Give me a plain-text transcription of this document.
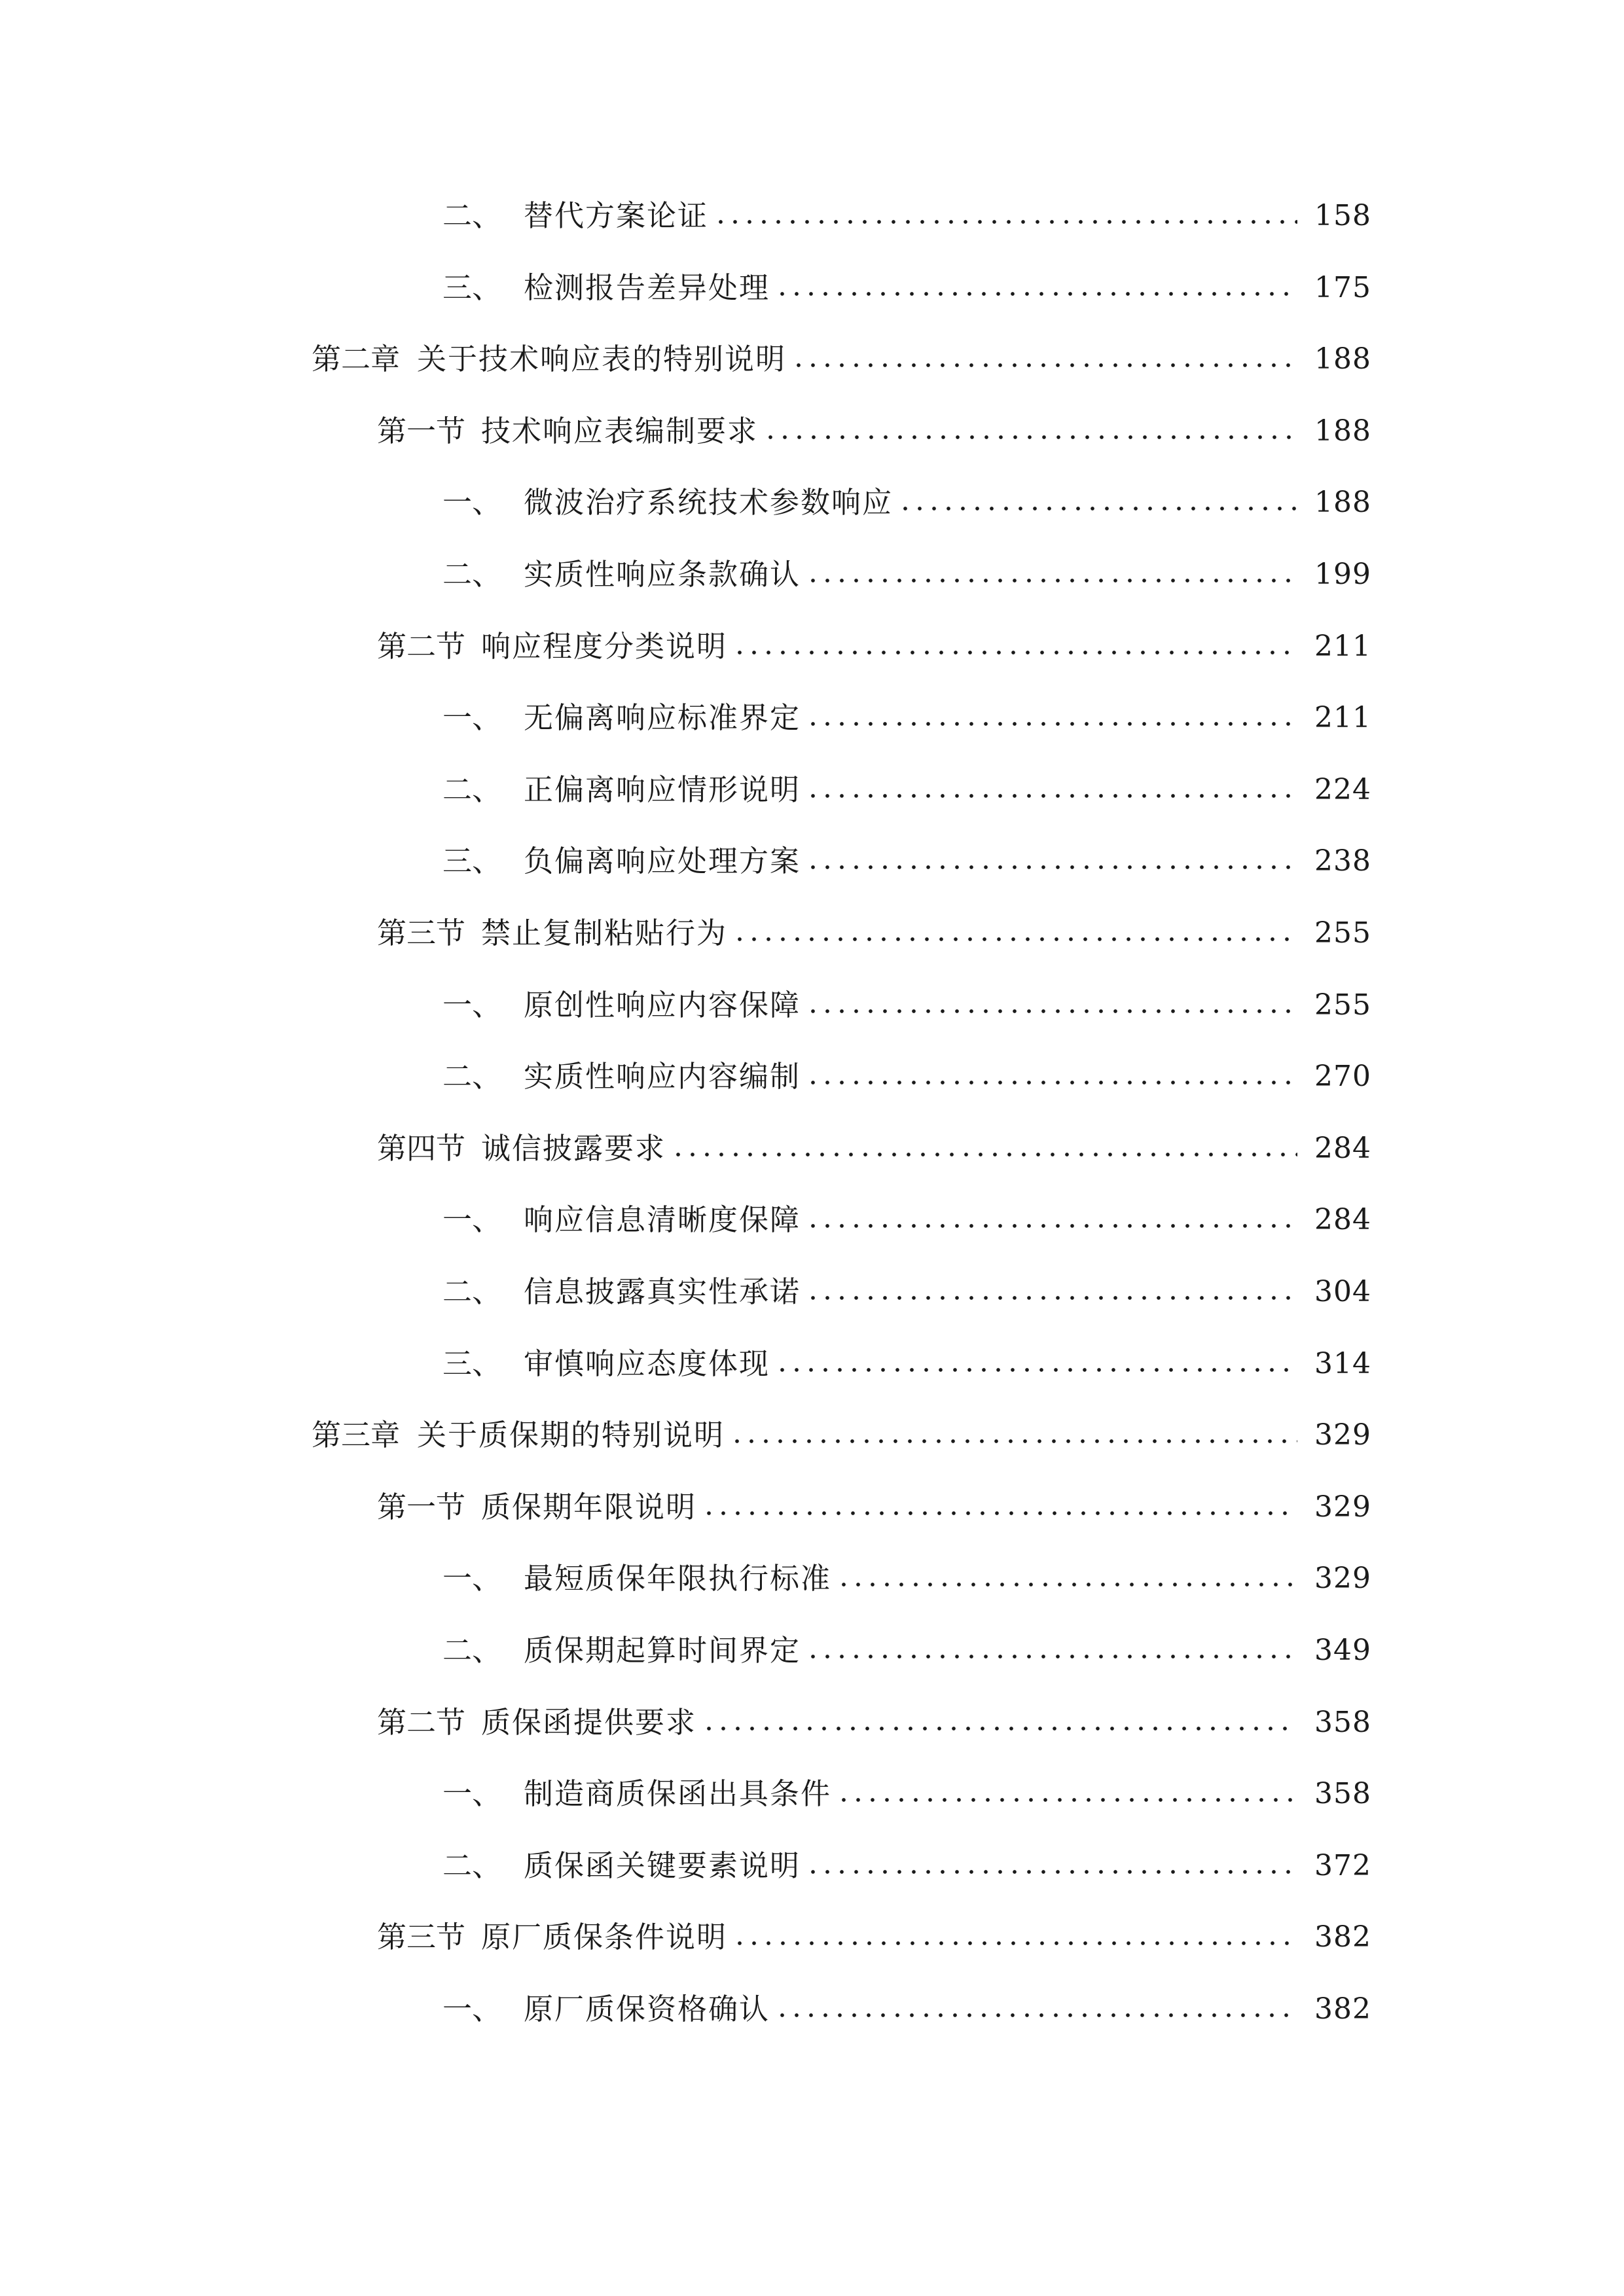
二、 替代方案论证	158
三、 检测报告差异处理	175
第二章 关于技术响应表的特别说明	188
第一节 技术响应表编制要求	188
一、 微波治疗系统技术参数响应	188
二、 实质性响应条款确认	199
第二节 响应程度分类说明	211
一、 无偏离响应标准界定	211
二、 正偏离响应情形说明	224
三、 负偏离响应处理方案	238
第三节 禁止复制粘贴行为	255
一、 原创性响应内容保障	255
二、 实质性响应内容编制	270
第四节 诚信披露要求	284
一、 响应信息清晰度保障	284
二、 信息披露真实性承诺	304
三、 审慎响应态度体现	314
第三章 关于质保期的特别说明	329
第一节 质保期年限说明	329
一、 最短质保年限执行标准	329
二、 质保期起算时间界定	349
第二节 质保函提供要求	358
一、 制造商质保函出具条件	358
二、 质保函关键要素说明	372
第三节 原厂质保条件说明	382
一、 原厂质保资格确认	382
